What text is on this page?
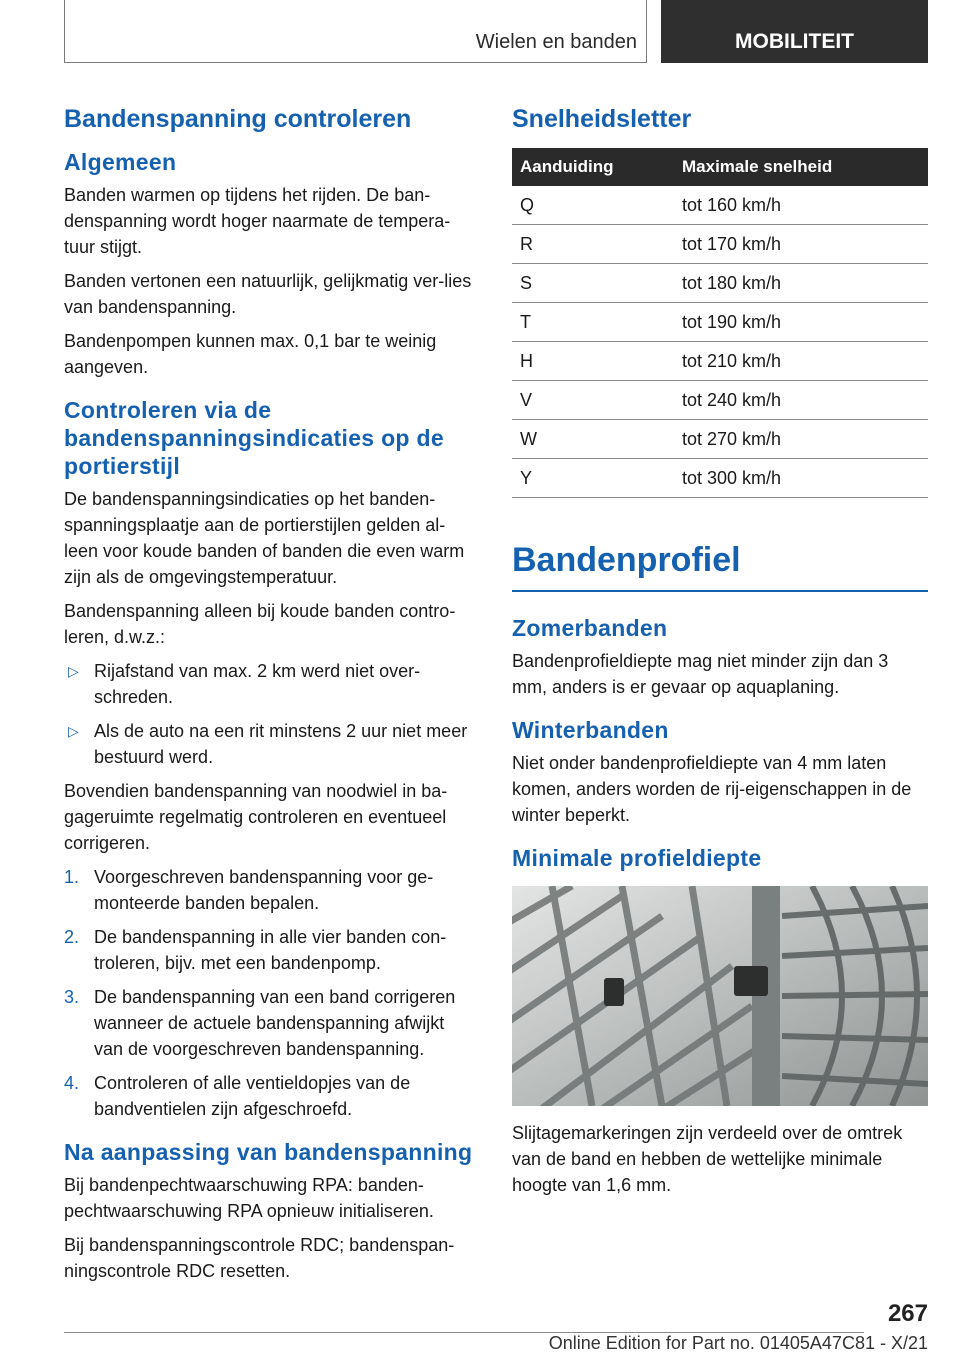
Wielen en banden	MOBILITEIT
Bandenspanning controleren
Algemeen

Banden warmen op tijdens het rijden. De ban-denspanning wordt hoger naarmate de tempera-tuur stijgt.

Banden vertonen een natuurlijk, gelijkmatig ver-lies van bandenspanning.

Bandenpompen kunnen max. 0,1 bar te weinig aangeven.

Controleren via de bandenspanningsindicaties op de portierstijl

De bandenspanningsindicaties op het banden-spanningsplaatje aan de portierstijlen gelden al-leen voor koude banden of banden die even warm zijn als de omgevingstemperatuur.

Bandenspanning alleen bij koude banden contro-leren, d.w.z.:

▷ Rijafstand van max. 2 km werd niet over-schreden.
▷ Als de auto na een rit minstens 2 uur niet meer bestuurd werd.

Bovendien bandenspanning van noodwiel in ba-gageruimte regelmatig controleren en eventueel corrigeren.

1. Voorgeschreven bandenspanning voor ge-monteerde banden bepalen.
2. De bandenspanning in alle vier banden con-troleren, bijv. met een bandenpomp.
3. De bandenspanning van een band corrigeren wanneer de actuele bandenspanning afwijkt van de voorgeschreven bandenspanning.
4. Controleren of alle ventieldopjes van de bandventielen zijn afgeschroefd.
Na aanpassing van bandenspanning

Bij bandenpechtwaarschuwing RPA: banden-pechtwaarschuwing RPA opnieuw initialiseren.

Bij bandenspanningscontrole RDC; bandenspan-ningscontrole RDC resetten.

Snelheidsletter
Aanduiding	Maximale snelheid
Q	tot 160 km/h
R	tot 170 km/h
S	tot 180 km/h
T	tot 190 km/h
H	tot 210 km/h
V	tot 240 km/h
W	tot 270 km/h
Y	tot 300 km/h
Bandenprofiel
Zomerbanden

Bandenprofieldiepte mag niet minder zijn dan 3 mm, anders is er gevaar op aquaplaning.

Winterbanden

Niet onder bandenprofieldiepte van 4 mm laten komen, anders worden de rij-eigenschappen in de winter beperkt.

Minimale profieldiepte

Slijtagemarkeringen zijn verdeeld over de omtrek van de band en hebben de wettelijke minimale hoogte van 1,6 mm.

267
Online Edition for Part no. 01405A47C81 - X/21
